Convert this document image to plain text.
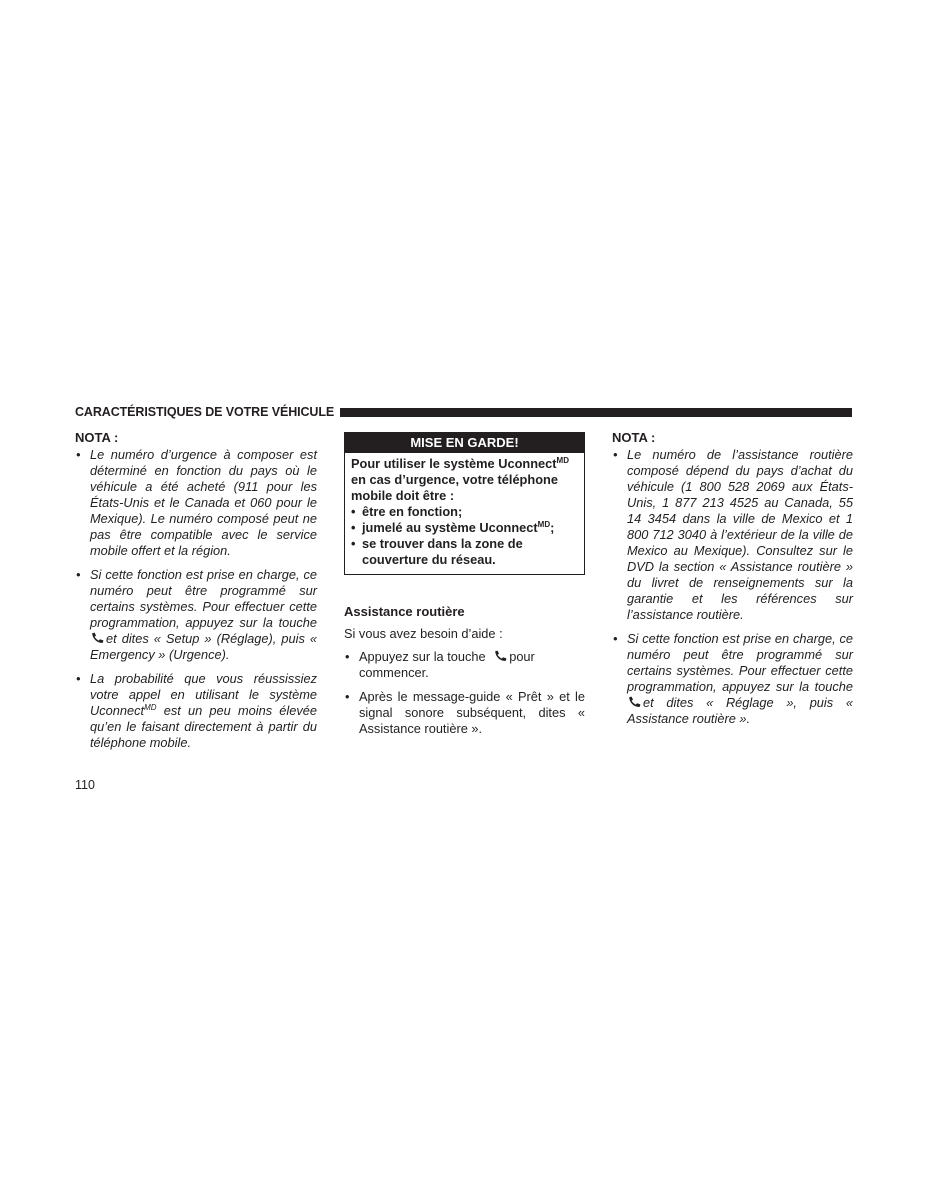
CARACTÉRISTIQUES DE VOTRE VÉHICULE
NOTA :
• Le numéro d’urgence à composer est déterminé en fonction du pays où le véhicule a été acheté (911 pour les États-Unis et le Canada et 060 pour le Mexique). Le numéro composé peut ne pas être compatible avec le service mobile offert et la région.
• Si cette fonction est prise en charge, ce numéro peut être programmé sur certains systèmes. Pour effectuer cette programmation, appuyez sur la touche
et dites « Setup » (Réglage), puis « Emergency » (Urgence).
• La probabilité que vous réussissiez votre appel en utilisant le système Uconnect$^{MD}$ est un peu moins élevée qu’en le faisant directement à partir du téléphone mobile.
MISE EN GARDE!
Pour utiliser le système Uconnect$^{MD}$ en cas d’urgence, votre téléphone mobile doit être :
• être en fonction;
• jumelé au système Uconnect$^{MD}$;
• se trouver dans la zone de couverture du réseau.
Assistance routière
Si vous avez besoin d’aide :
• Appuyez sur la touche pour commencer.
• Après le message-guide « Prêt » et le signal sonore subséquent, dites « Assistance routière ».
NOTA :
• Le numéro de l’assistance routière composé dépend du pays d’achat du véhicule (1 800 528 2069 aux États-Unis, 1 877 213 4525 au Canada, 55 14 3454 dans la ville de Mexico et 1 800 712 3040 à l’extérieur de la ville de Mexico au Mexique). Consultez sur le DVD la section « Assistance routière » du livret de renseignements sur la garantie et les références sur l’assistance routière.
• Si cette fonction est prise en charge, ce numéro peut être programmé sur certains systèmes. Pour effectuer cette programmation, appuyez sur la touche
et dites « Réglage », puis « Assistance routière ».
110
